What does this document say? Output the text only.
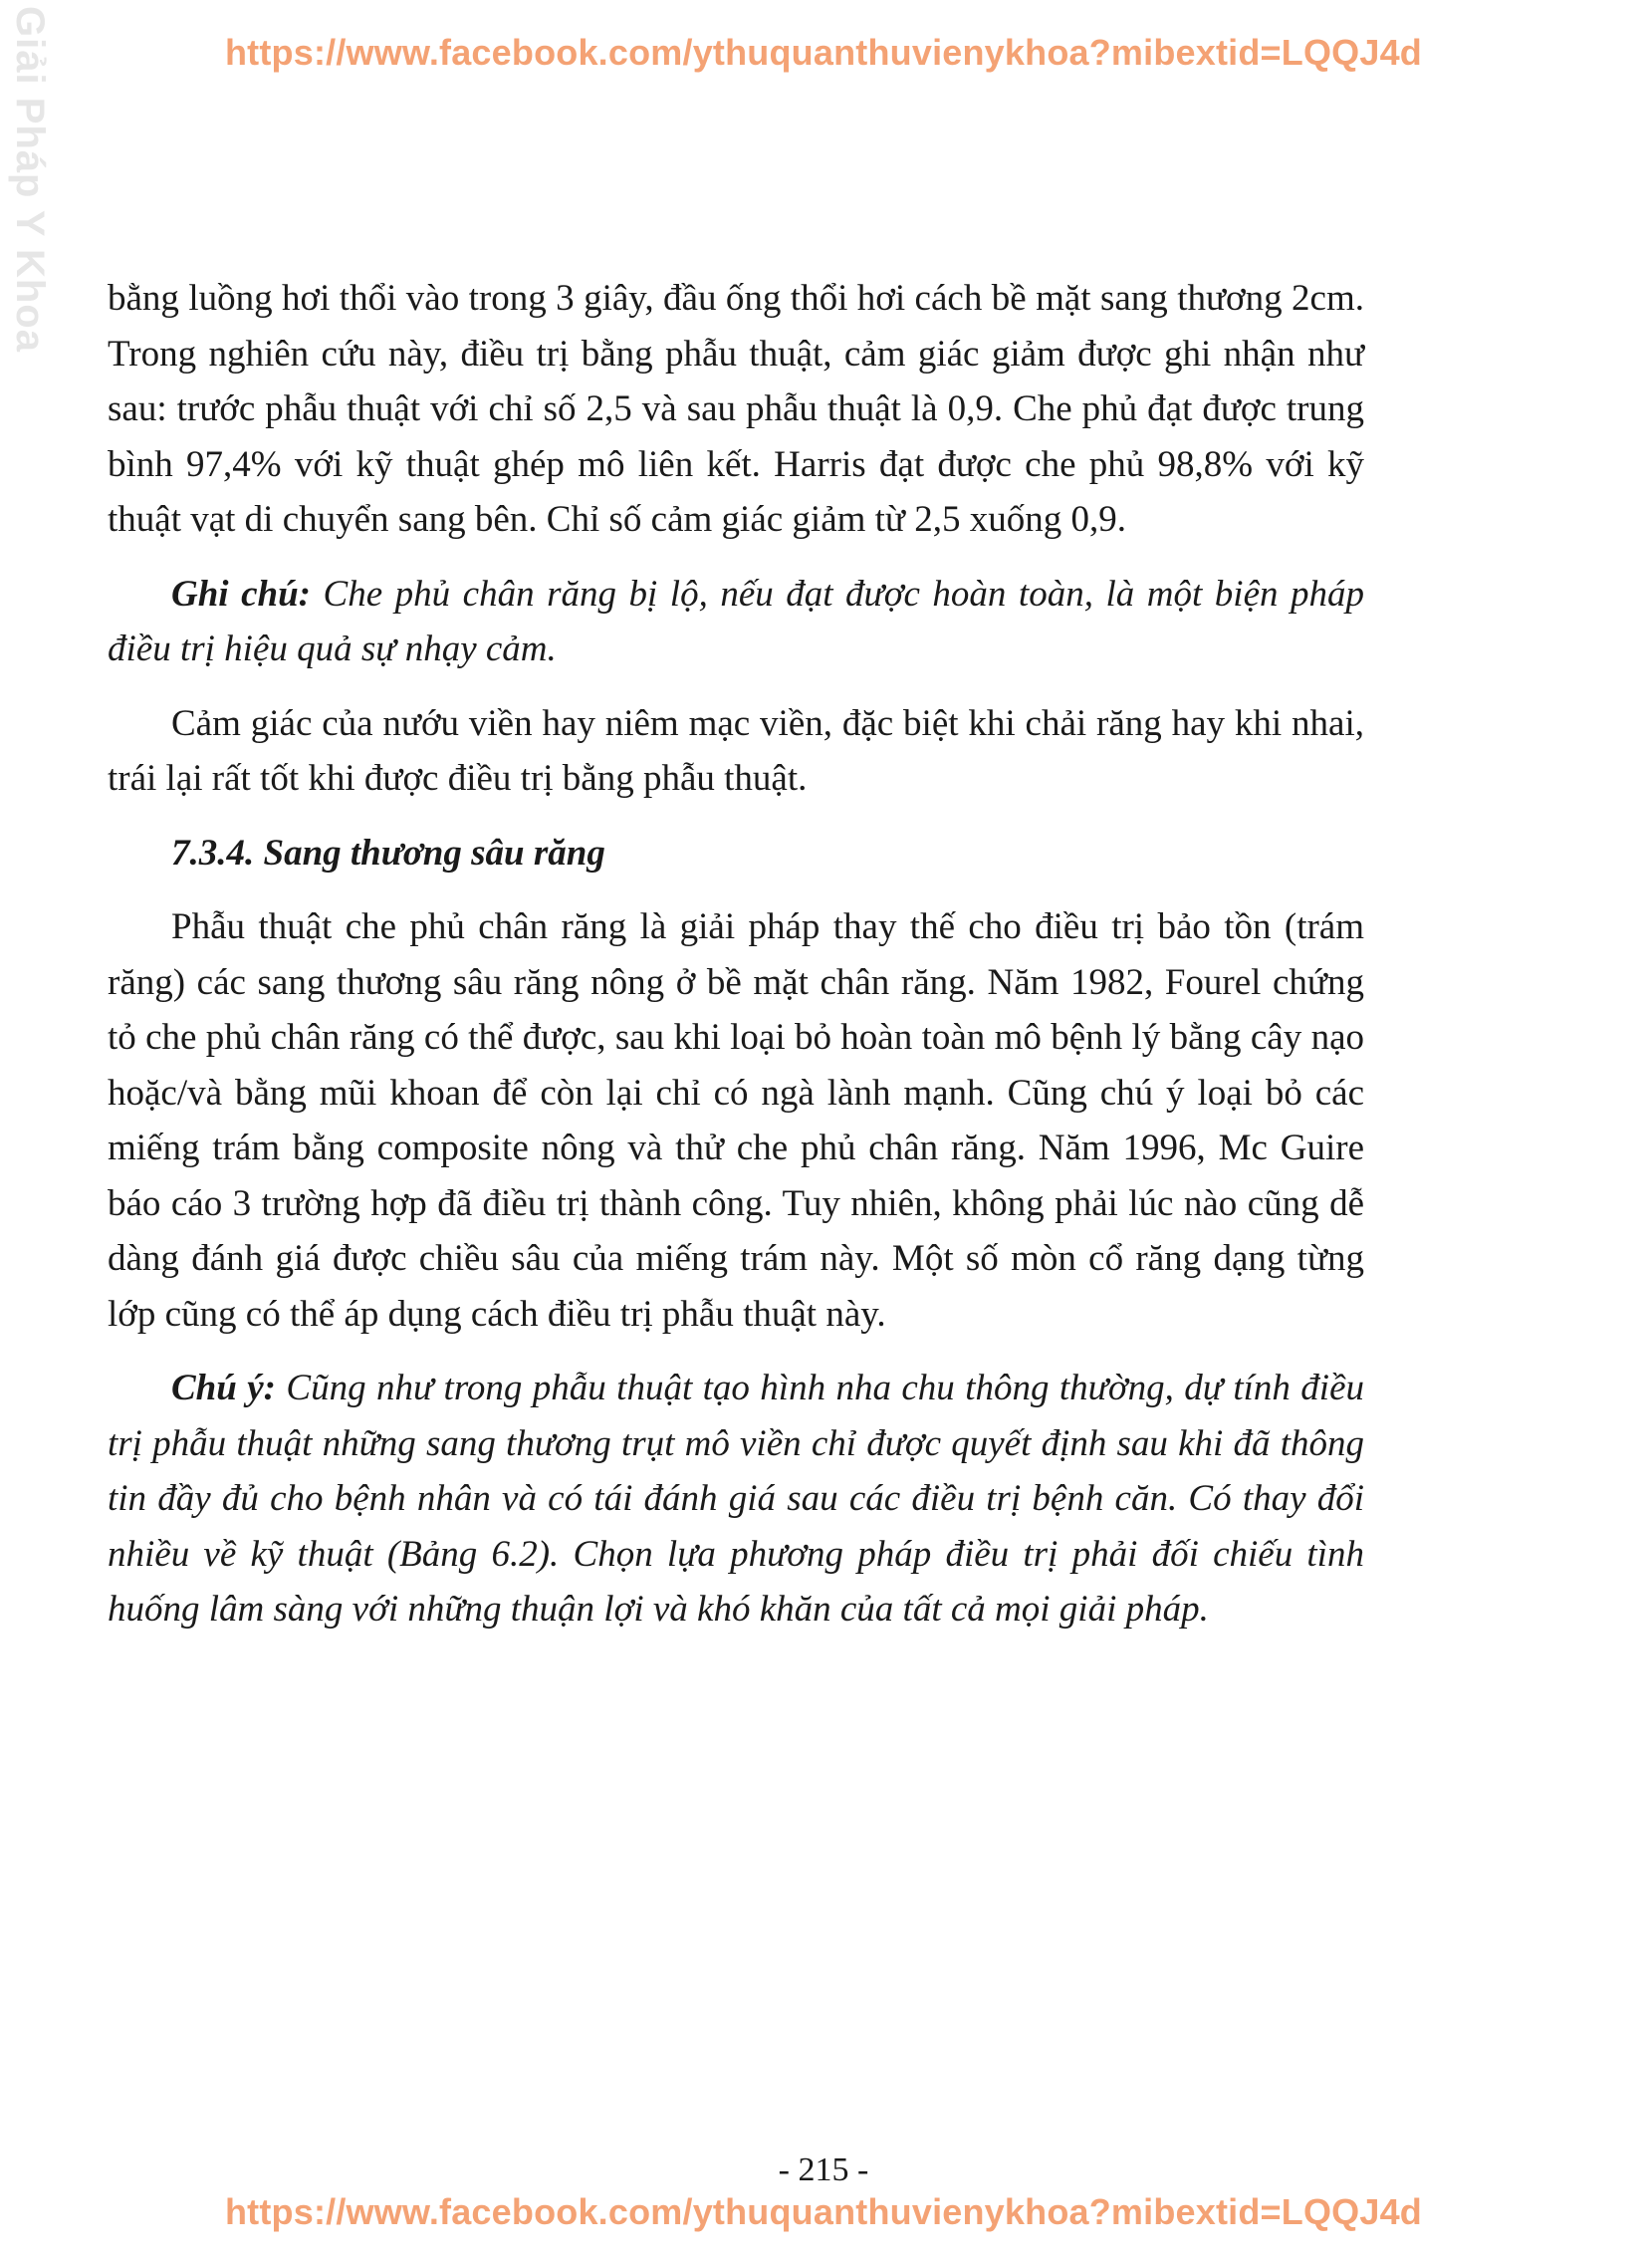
Giải Pháp Y Khoa	https://www.facebook.com/ythuquanthuvienykhoa?mibextid=LQQJ4d

bằng luồng hơi thổi vào trong 3 giây, đầu ống thổi hơi cách bề mặt sang thương 2cm. Trong nghiên cứu này, điều trị bằng phẫu thuật, cảm giác giảm được ghi nhận như sau: trước phẫu thuật với chỉ số 2,5 và sau phẫu thuật là 0,9. Che phủ đạt được trung bình 97,4% với kỹ thuật ghép mô liên kết. Harris đạt được che phủ 98,8% với kỹ thuật vạt di chuyển sang bên. Chỉ số cảm giác giảm từ 2,5 xuống 0,9.

Ghi chú: Che phủ chân răng bị lộ, nếu đạt được hoàn toàn, là một biện pháp điều trị hiệu quả sự nhạy cảm.

Cảm giác của nướu viền hay niêm mạc viền, đặc biệt khi chải răng hay khi nhai, trái lại rất tốt khi được điều trị bằng phẫu thuật.

7.3.4. Sang thương sâu răng

Phẫu thuật che phủ chân răng là giải pháp thay thế cho điều trị bảo tồn (trám răng) các sang thương sâu răng nông ở bề mặt chân răng. Năm 1982, Fourel chứng tỏ che phủ chân răng có thể được, sau khi loại bỏ hoàn toàn mô bệnh lý bằng cây nạo hoặc/và bằng mũi khoan để còn lại chỉ có ngà lành mạnh. Cũng chú ý loại bỏ các miếng trám bằng composite nông và thử che phủ chân răng. Năm 1996, Mc Guire báo cáo 3 trường hợp đã điều trị thành công. Tuy nhiên, không phải lúc nào cũng dễ dàng đánh giá được chiều sâu của miếng trám này. Một số mòn cổ răng dạng từng lớp cũng có thể áp dụng cách điều trị phẫu thuật này.

Chú ý: Cũng như trong phẫu thuật tạo hình nha chu thông thường, dự tính điều trị phẫu thuật những sang thương trụt mô viền chỉ được quyết định sau khi đã thông tin đầy đủ cho bệnh nhân và có tái đánh giá sau các điều trị bệnh căn. Có thay đổi nhiều về kỹ thuật (Bảng 6.2). Chọn lựa phương pháp điều trị phải đối chiếu tình huống lâm sàng với những thuận lợi và khó khăn của tất cả mọi giải pháp.

- 215 -
https://www.facebook.com/ythuquanthuvienykhoa?mibextid=LQQJ4d
